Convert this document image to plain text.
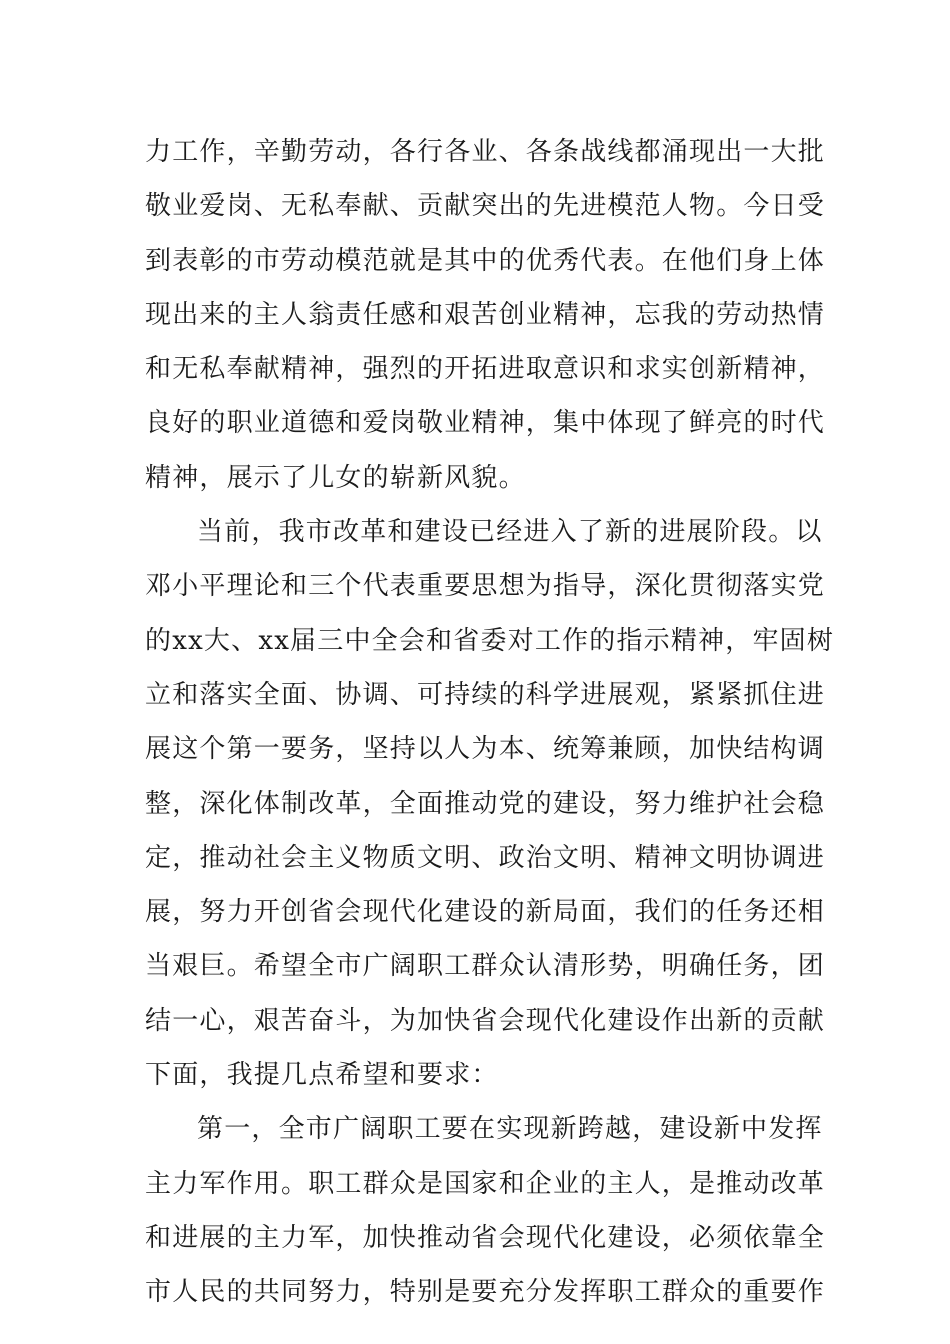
力工作，辛勤劳动，各行各业、各条战线都涌现出一大批
敬业爱岗、无私奉献、贡献突出的先进模范人物。今日受
到表彰的市劳动模范就是其中的优秀代表。在他们身上体
现出来的主人翁责任感和艰苦创业精神，忘我的劳动热情
和无私奉献精神，强烈的开拓进取意识和求实创新精神，
良好的职业道德和爱岗敬业精神，集中体现了鲜亮的时代
精神，展示了儿女的崭新风貌。
当前，我市改革和建设已经进入了新的进展阶段。以
邓小平理论和三个代表重要思想为指导，深化贯彻落实党
的xx大、xx届三中全会和省委对工作的指示精神，牢固树
立和落实全面、协调、可持续的科学进展观，紧紧抓住进
展这个第一要务，坚持以人为本、统筹兼顾，加快结构调
整，深化体制改革，全面推动党的建设，努力维护社会稳
定，推动社会主义物质文明、政治文明、精神文明协调进
展，努力开创省会现代化建设的新局面，我们的任务还相
当艰巨。希望全市广阔职工群众认清形势，明确任务，团
结一心，艰苦奋斗，为加快省会现代化建设作出新的贡献
下面，我提几点希望和要求：
第一，全市广阔职工要在实现新跨越，建设新中发挥
主力军作用。职工群众是国家和企业的主人，是推动改革
和进展的主力军，加快推动省会现代化建设，必须依靠全
市人民的共同努力，特别是要充分发挥职工群众的重要作
